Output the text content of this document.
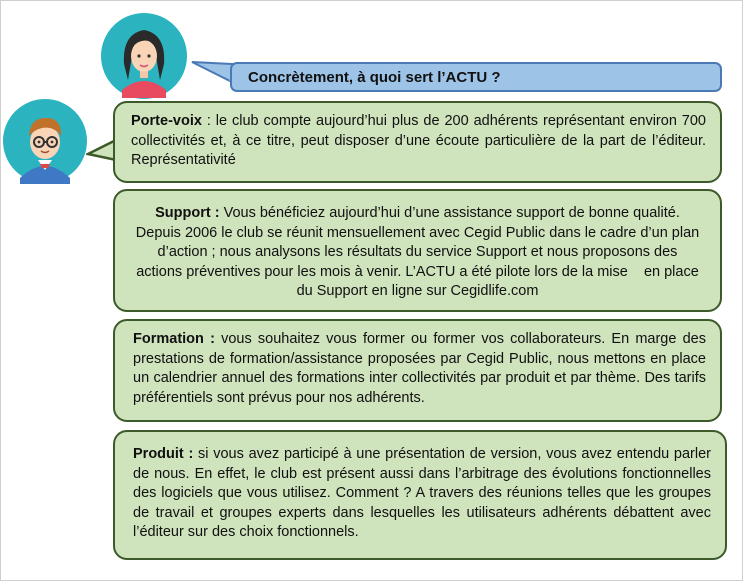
Concrètement, à quoi sert l’ACTU ?
Porte-voix : le club compte aujourd’hui plus de 200 adhérents représentant environ 700 collectivités et, à ce titre, peut disposer d’une écoute particulière de la part de l’éditeur. Représentativité
Support : Vous bénéficiez aujourd’hui d’une assistance support de bonne qualité. Depuis 2006 le club se réunit mensuellement avec Cegid Public dans le cadre d’un plan d’action ; nous analysons les résultats du service Support et nous proposons des actions préventives pour les mois à venir. L’ACTU a été pilote lors de la mise    en place du Support en ligne sur Cegidlife.com
Formation : vous souhaitez vous former ou former vos collaborateurs. En marge des prestations de formation/assistance proposées par Cegid Public, nous mettons en place un calendrier annuel des formations inter collectivités par produit et par thème. Des tarifs préférentiels sont prévus pour nos adhérents.
Produit : si vous avez participé à une présentation de version, vous avez entendu parler de nous. En effet, le club est présent aussi dans l’arbitrage des évolutions fonctionnelles des logiciels que vous utilisez. Comment ? A travers des réunions telles que les groupes de travail et groupes experts dans lesquelles les utilisateurs adhérents débattent avec l’éditeur sur des choix fonctionnels.
